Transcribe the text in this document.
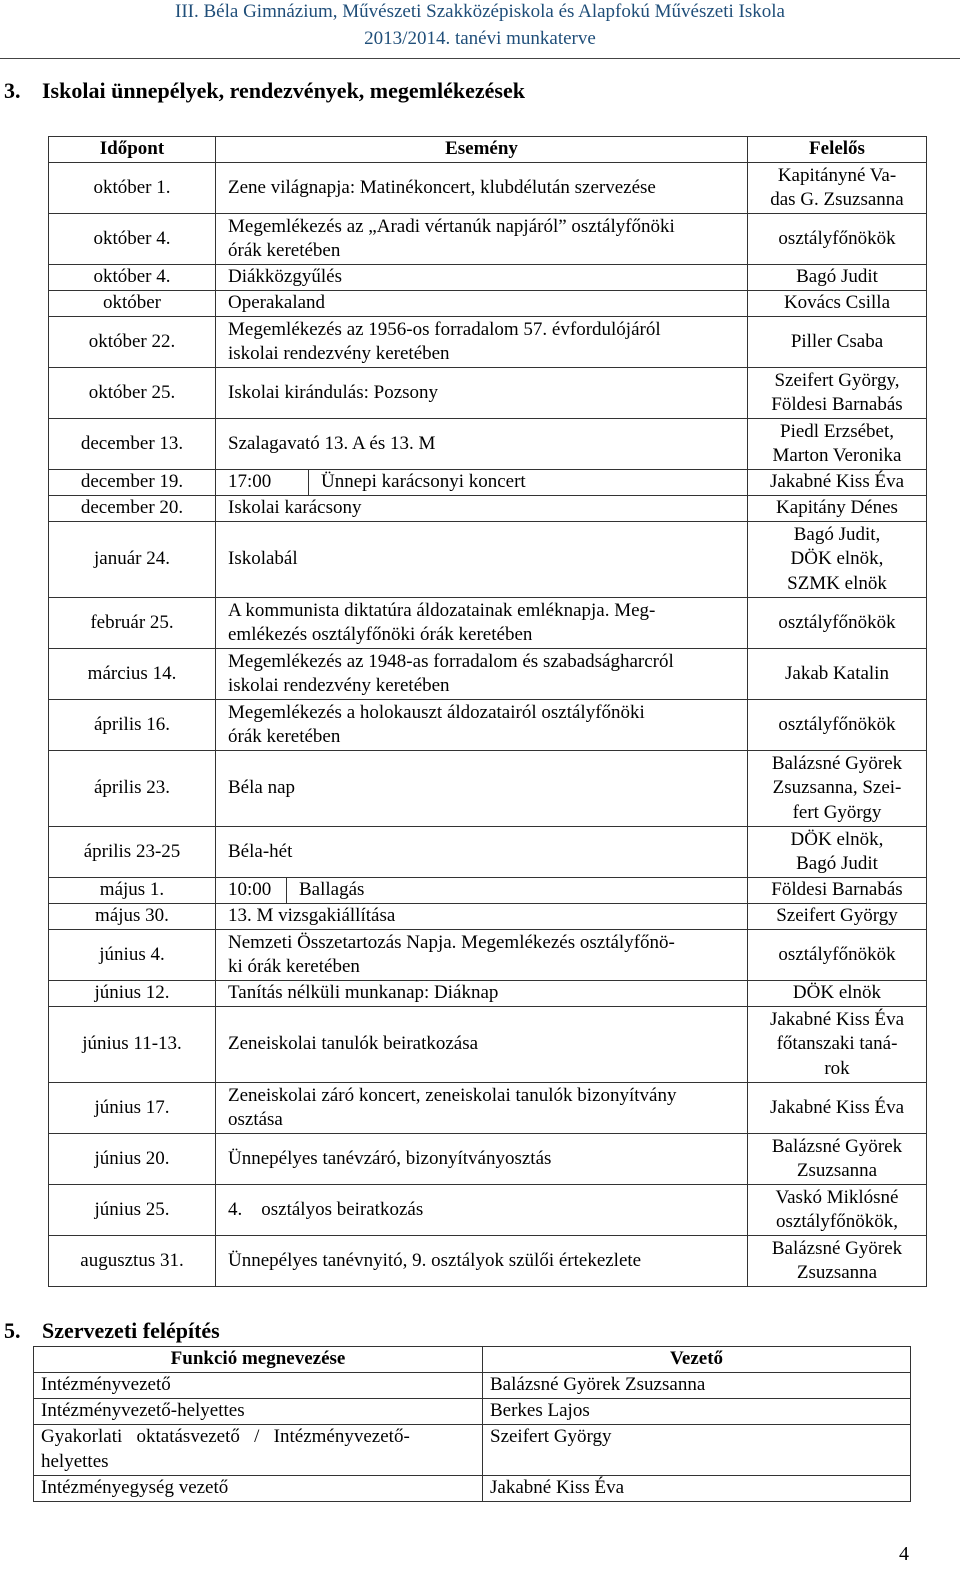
III. Béla Gimnázium, Művészeti Szakközépiskola és Alapfokú Művészeti Iskola
2013/2014. tanévi munkaterve
3. Iskolai ünnepélyek, rendezvények, megemlékezések
Időpont	Esemény	Felelős
október 1.	Zene világnapja: Matinékoncert, klubdélután szervezése	Kapitányné Va-
das G. Zsuzsanna
október 4.	Megemlékezés az „Aradi vértanúk napjáról” osztályfőnöki
órák keretében	osztályfőnökök
október 4.	Diákközgyűlés	Bagó Judit
október	Operakaland	Kovács Csilla
október 22.	Megemlékezés az 1956-os forradalom 57. évfordulójáról
iskolai rendezvény keretében	Piller Csaba
október 25.	Iskolai kirándulás: Pozsony	Szeifert György,
Földesi Barnabás
december 13.	Szalagavató 13. A és 13. M	Piedl Erzsébet,
Marton Veronika
december 19.	17:00 Ünnepi karácsonyi koncert	Jakabné Kiss Éva
december 20.	Iskolai karácsony	Kapitány Dénes
január 24.	Iskolabál	Bagó Judit,
DÖK elnök,
SZMK elnök
február 25.	A kommunista diktatúra áldozatainak emléknapja. Meg-
emlékezés osztályfőnöki órák keretében	osztályfőnökök
március 14.	Megemlékezés az 1948-as forradalom és szabadságharcról
iskolai rendezvény keretében	Jakab Katalin
április 16.	Megemlékezés a holokauszt áldozatairól osztályfőnöki
órák keretében	osztályfőnökök
április 23.	Béla nap	Balázsné Györek
Zsuzsanna, Szei-
fert György
április 23-25	Béla-hét	DÖK elnök,
Bagó Judit
május 1.	10:00 Ballagás	Földesi Barnabás
május 30.	13. M vizsgakiállítása	Szeifert György
június 4.	Nemzeti Összetartozás Napja. Megemlékezés osztályfőnö-
ki órák keretében	osztályfőnökök
június 12.	Tanítás nélküli munkanap: Diáknap	DÖK elnök
június 11-13.	Zeneiskolai tanulók beiratkozása	Jakabné Kiss Éva
főtanszaki taná-
rok
június 17.	Zeneiskolai záró koncert, zeneiskolai tanulók bizonyítvány
osztása	Jakabné Kiss Éva
június 20.	Ünnepélyes tanévzáró, bizonyítványosztás	Balázsné Györek
Zsuzsanna
június 25.	4.    osztályos beiratkozás	Vaskó Miklósné
osztályfőnökök,
augusztus 31.	Ünnepélyes tanévnyitó, 9. osztályok szülői értekezlete	Balázsné Györek
Zsuzsanna
5. Szervezeti felépítés
Funkció megnevezése	Vezető
Intézményvezető	Balázsné Györek Zsuzsanna
Intézményvezető-helyettes	Berkes Lajos
Gyakorlati   oktatásvezető   /   Intézményvezető-
helyettes	Szeifert György
Intézményegység vezető	Jakabné Kiss Éva
4
